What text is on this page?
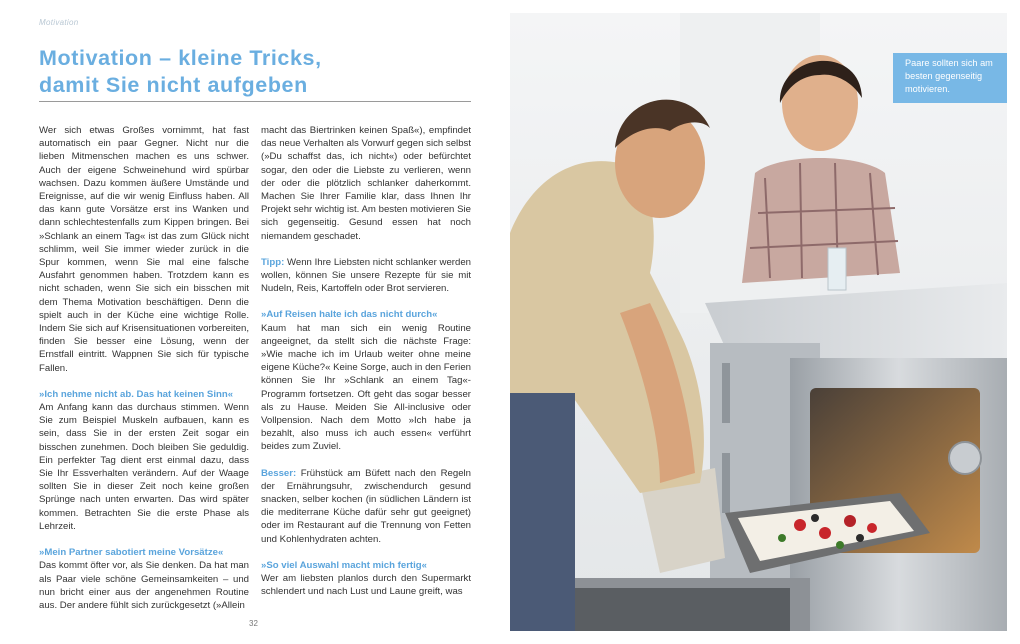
Motivation
Motivation – kleine Tricks,
damit Sie nicht aufgeben

Wer sich etwas Großes vornimmt, hat fast automatisch ein paar Gegner. Nicht nur die lieben Mitmenschen machen es uns schwer. Auch der eigene Schweinehund wird spürbar wachsen. Dazu kommen äußere Umstände und Ereignisse, auf die wir wenig Einfluss haben. All das kann gute Vorsätze erst ins Wanken und dann schlechtestenfalls zum Kippen bringen. Bei »Schlank an einem Tag« ist das zum Glück nicht schlimm, weil Sie immer wieder zurück in die Spur kommen, wenn Sie mal eine falsche Ausfahrt genommen haben. Trotzdem kann es nicht schaden, wenn Sie sich ein bisschen mit dem Thema Motivation beschäftigen. Denn die spielt auch in der Küche eine wichtige Rolle. Indem Sie sich auf Krisensituationen vorbereiten, finden Sie besser eine Lösung, wenn der Ernstfall eintritt. Wappnen Sie sich für typische Fallen.

»Ich nehme nicht ab. Das hat keinen Sinn«

Am Anfang kann das durchaus stimmen. Wenn Sie zum Beispiel Muskeln aufbauen, kann es sein, dass Sie in der ersten Zeit sogar ein bisschen zunehmen. Doch bleiben Sie geduldig. Ein perfekter Tag dient erst einmal dazu, dass Sie Ihr Essverhalten verändern. Auf der Waage sollten Sie in dieser Zeit noch keine großen Sprünge nach unten erwarten. Das wird später kommen. Betrachten Sie die erste Phase als Lehrzeit.

»Mein Partner sabotiert meine Vorsätze«

Das kommt öfter vor, als Sie denken. Da hat man als Paar viele schöne Gemeinsamkeiten – und nun bricht einer aus der angenehmen Routine aus. Der andere fühlt sich zurückgesetzt (»Allein

macht das Biertrinken keinen Spaß«), empfindet das neue Verhalten als Vorwurf gegen sich selbst (»Du schaffst das, ich nicht«) oder befürchtet sogar, den oder die Liebste zu verlieren, wenn der oder die plötzlich schlanker daherkommt. Machen Sie Ihrer Familie klar, dass Ihnen Ihr Projekt sehr wichtig ist. Am besten motivieren Sie sich gegenseitig. Gesund essen hat noch niemandem geschadet.

Tipp: Wenn Ihre Liebsten nicht schlanker werden wollen, können Sie unsere Rezepte für sie mit Nudeln, Reis, Kartoffeln oder Brot servieren.

»Auf Reisen halte ich das nicht durch«

Kaum hat man sich ein wenig Routine angeeignet, da stellt sich die nächste Frage: »Wie mache ich im Urlaub weiter ohne meine eigene Küche?« Keine Sorge, auch in den Ferien können Sie Ihr »Schlank an einem Tag«-Programm fortsetzen. Oft geht das sogar besser als zu Hause. Meiden Sie All-inclusive oder Vollpension. Nach dem Motto »Ich habe ja bezahlt, also muss ich auch essen« verführt beides zum Zuviel.

Besser: Frühstück am Büfett nach den Regeln der Ernährungsuhr, zwischendurch gesund snacken, selber kochen (in südlichen Ländern ist die mediterrane Küche dafür sehr gut geeignet) oder im Restaurant auf die Trennung von Fetten und Kohlenhydraten achten.

»So viel Auswahl macht mich fertig«

Wer am liebsten planlos durch den Supermarkt schlendert und nach Lust und Laune greift, was

32
Paare sollten sich am besten gegenseitig motivieren.
